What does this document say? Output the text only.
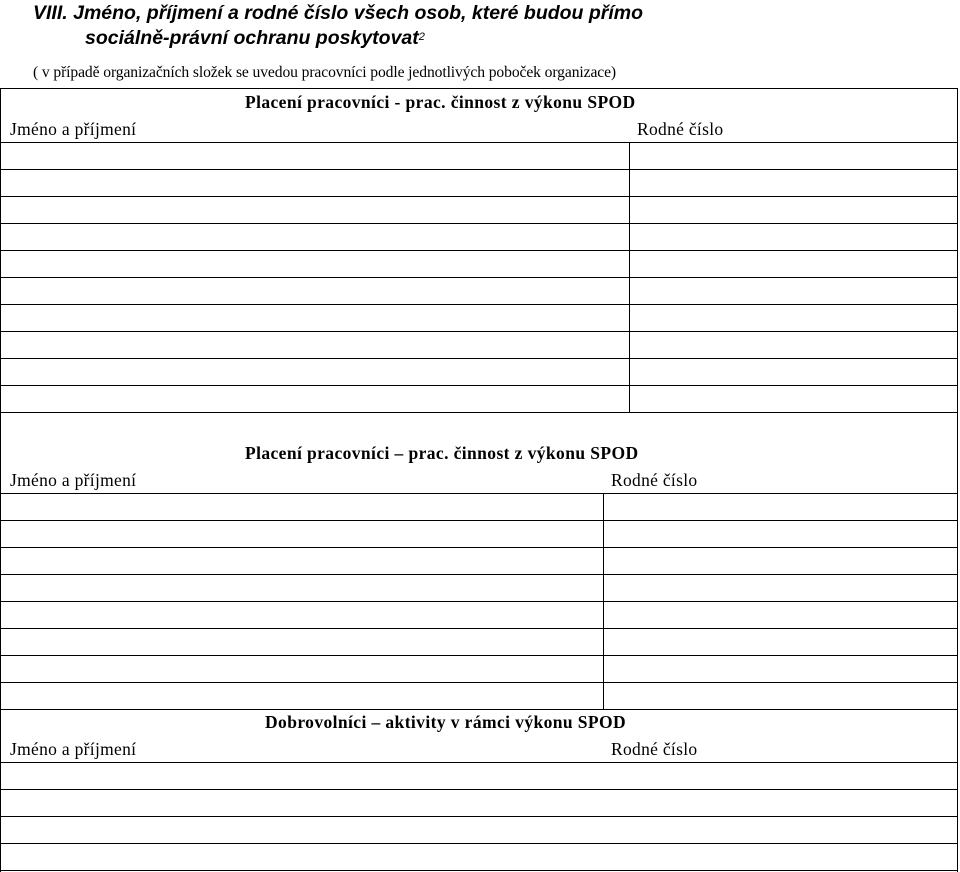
VIII. Jméno, příjmení a rodné číslo všech osob, které budou přímo
sociálně-právní ochranu poskytovat$^2$
( v případě organizačních složek se uvedou pracovníci podle jednotlivých poboček organizace)
Placení pracovníci - prac. činnost z výkonu SPOD
Jméno a příjmení	Rodné číslo
Placení pracovníci – prac. činnost z výkonu SPOD
Jméno a příjmení	Rodné číslo
Dobrovolníci – aktivity v rámci výkonu SPOD
Jméno a příjmení	Rodné číslo
